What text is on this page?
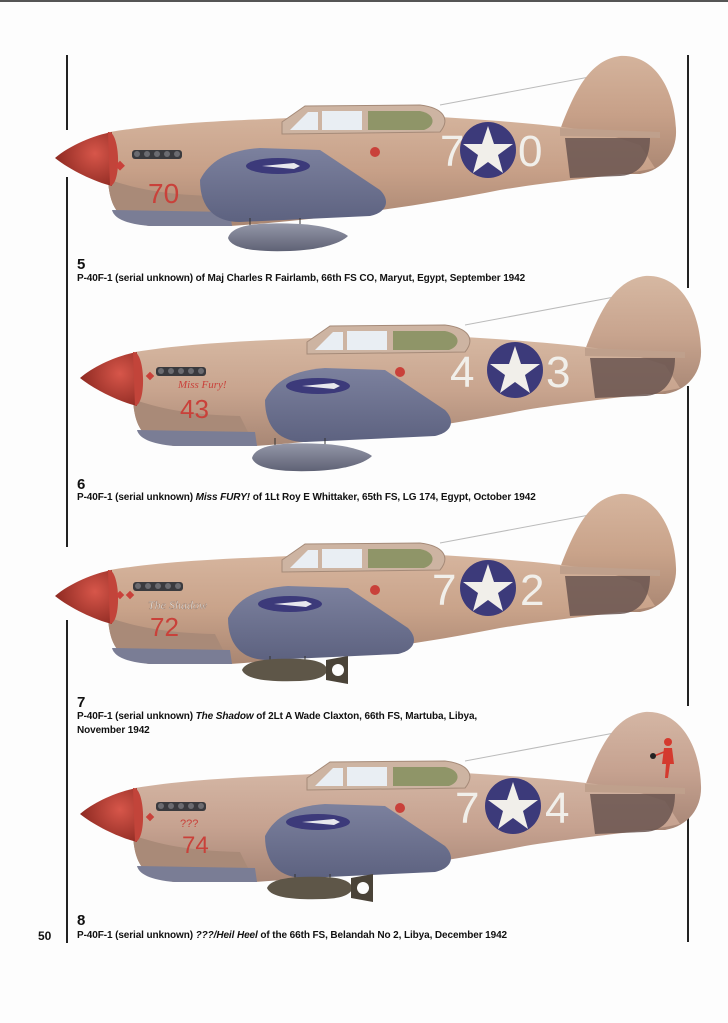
7 0
70
5
P-40F-1 (serial unknown) of Maj Charles R Fairlamb, 66th FS CO, Maryut, Egypt, September 1942
Miss Fury!	4 3
43
6
P-40F-1 (serial unknown) Miss FURY! of 1Lt Roy E Whittaker, 65th FS, LG 174, Egypt, October 1942
The Shadow
72
7 2
7
P-40F-1 (serial unknown) The Shadow of 2Lt A Wade Claxton, 66th FS, Martuba, Libya, November 1942
???
74
7 4
8
P-40F-1 (serial unknown) ???/Heil Heel of the 66th FS, Belandah No 2, Libya, December 1942
50
